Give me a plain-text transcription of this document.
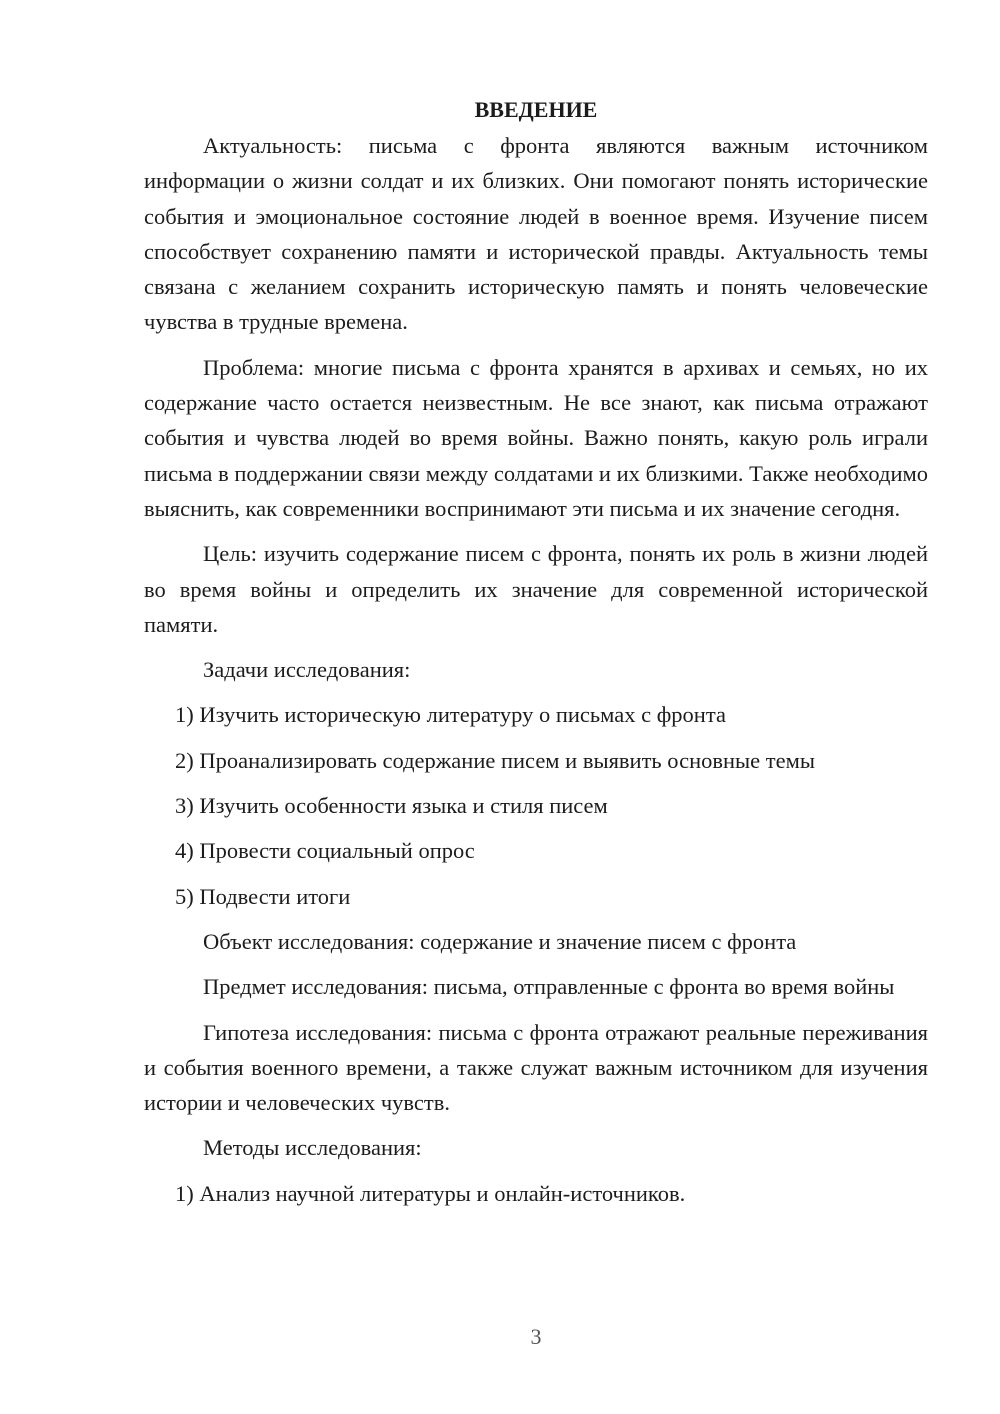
ВВЕДЕНИЕ

Актуальность: письма с фронта являются важным источником информации о жизни солдат и их близких. Они помогают понять исторические события и эмоциональное состояние людей в военное время. Изучение писем способствует сохранению памяти и исторической правды. Актуальность темы связана с желанием сохранить историческую память и понять человеческие чувства в трудные времена.

Проблема: многие письма с фронта хранятся в архивах и семьях, но их содержание часто остается неизвестным. Не все знают, как письма отражают события и чувства людей во время войны. Важно понять, какую роль играли письма в поддержании связи между солдатами и их близкими. Также необходимо выяснить, как современники воспринимают эти письма и их значение сегодня.

Цель: изучить содержание писем с фронта, понять их роль в жизни людей во время войны и определить их значение для современной исторической памяти.

Задачи исследования:

1) Изучить историческую литературу о письмах с фронта

2) Проанализировать содержание писем и выявить основные темы

3) Изучить особенности языка и стиля писем

4) Провести социальный опрос

5) Подвести итоги

Объект исследования: содержание и значение писем с фронта

Предмет исследования: письма, отправленные с фронта во время войны

Гипотеза исследования: письма с фронта отражают реальные переживания и события военного времени, а также служат важным источником для изучения истории и человеческих чувств.

Методы исследования:

1) Анализ научной литературы и онлайн-источников.

3
